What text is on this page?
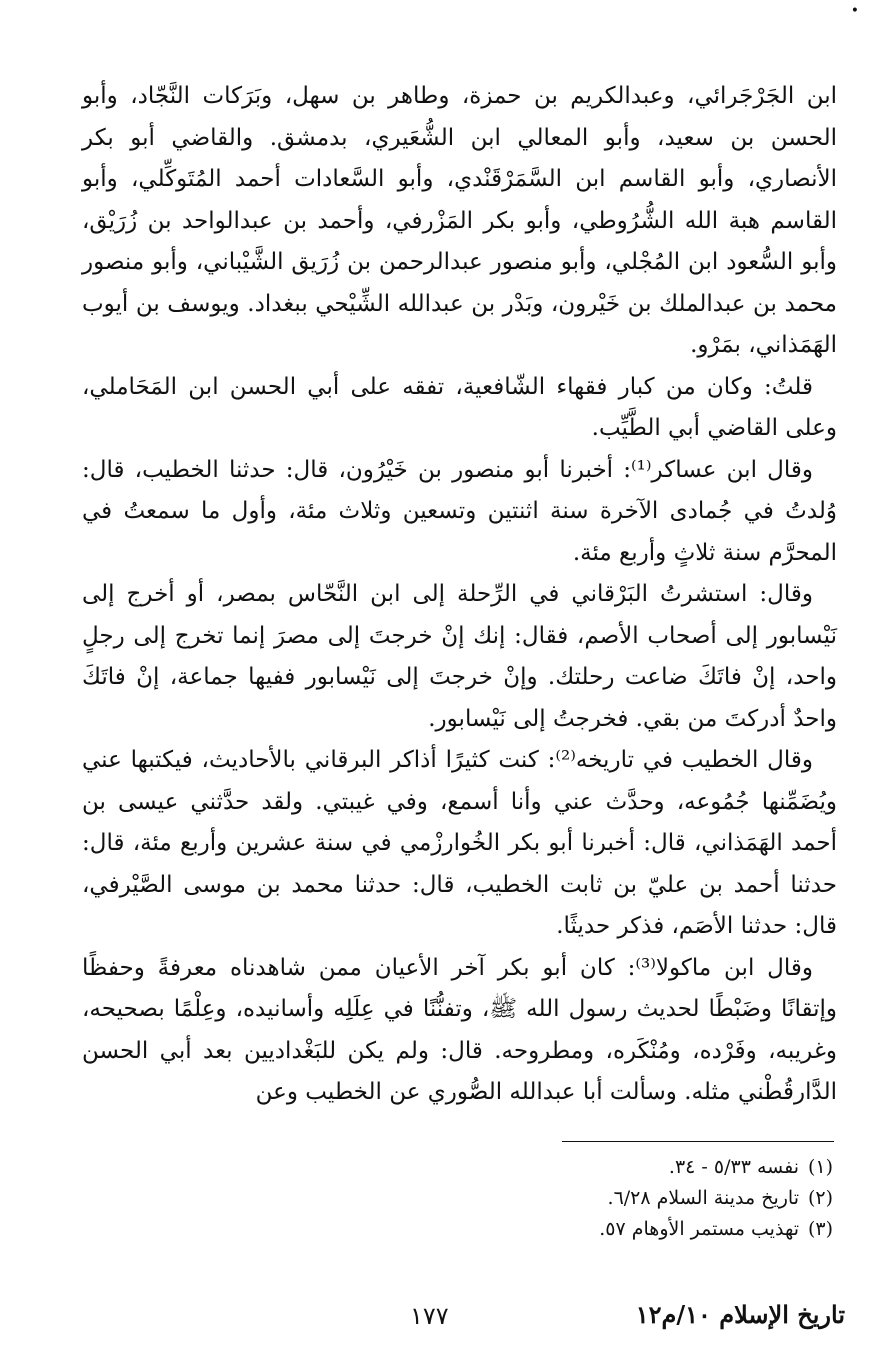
•

ابن الجَرْجَرائي، وعبدالكريم بن حمزة، وطاهر بن سهل، وبَرَكات النَّجّاد، وأبو الحسن بن سعيد، وأبو المعالي ابن الشُّعَيري، بدمشق. والقاضي أبو بكر الأنصاري، وأبو القاسم ابن السَّمَرْقَنْدي، وأبو السَّعادات أحمد المُتَوكِّلي، وأبو القاسم هبة الله الشُّرُوطي، وأبو بكر المَزْرفي، وأحمد بن عبدالواحد بن زُرَيْق، وأبو السُّعود ابن المُجْلي، وأبو منصور عبدالرحمن بن زُرَيق الشَّيْباني، وأبو منصور محمد بن عبدالملك بن خَيْرون، وبَدْر بن عبدالله الشِّيْحي ببغداد. ويوسف بن أيوب الهَمَذاني، بمَرْو.

قلتُ: وكان من كبار فقهاء الشّافعية، تفقه على أبي الحسن ابن المَحَاملي، وعلى القاضي أبي الطَّيِّب.

وقال ابن عساكر⁽¹⁾: أخبرنا أبو منصور بن خَيْرُون، قال: حدثنا الخطيب، قال: وُلدتُ في جُمادى الآخرة سنة اثنتين وتسعين وثلاث مئة، وأول ما سمعتُ في المحرَّم سنة ثلاثٍ وأربع مئة.

وقال: استشرتُ البَرْقاني في الرِّحلة إلى ابن النَّحّاس بمصر، أو أخرج إلى نَيْسابور إلى أصحاب الأصم، فقال: إنك إنْ خرجتَ إلى مصرَ إنما تخرج إلى رجلٍ واحد، إنْ فاتَكَ ضاعت رحلتك. وإنْ خرجتَ إلى نَيْسابور ففيها جماعة، إنْ فاتَكَ واحدٌ أدركتَ من بقي. فخرجتُ إلى نَيْسابور.

وقال الخطيب في تاريخه⁽²⁾: كنت كثيرًا أذاكر البرقاني بالأحاديث، فيكتبها عني ويُضَمِّنها جُمُوعه، وحدَّث عني وأنا أسمع، وفي غيبتي. ولقد حدَّثني عيسى بن أحمد الهَمَذاني، قال: أخبرنا أبو بكر الخُوارزْمي في سنة عشرين وأربع مئة، قال: حدثنا أحمد بن عليّ بن ثابت الخطيب، قال: حدثنا محمد بن موسى الصَّيْرفي، قال: حدثنا الأصَم، فذكر حديثًا.

وقال ابن ماكولا⁽³⁾: كان أبو بكر آخر الأعيان ممن شاهدناه معرفةً وحفظًا وإتقانًا وضَبْطًا لحديث رسول الله ﷺ، وتفنُّنًا في عِلَلِه وأسانيده، وعِلْمًا بصحيحه، وغريبه، وفَرْده، ومُنْكَره، ومطروحه. قال: ولم يكن للبَغْداديين بعد أبي الحسن الدَّارقُطْني مثله. وسألت أبا عبدالله الصُّوري عن الخطيب وعن

(١)
نفسه ٥/٣٣ - ٣٤.
(٢)
تاريخ مدينة السلام ٦/٢٨.
(٣)
تهذيب مستمر الأوهام ٥٧.
تاريخ الإسلام ١٠/م١٢
١٧٧
